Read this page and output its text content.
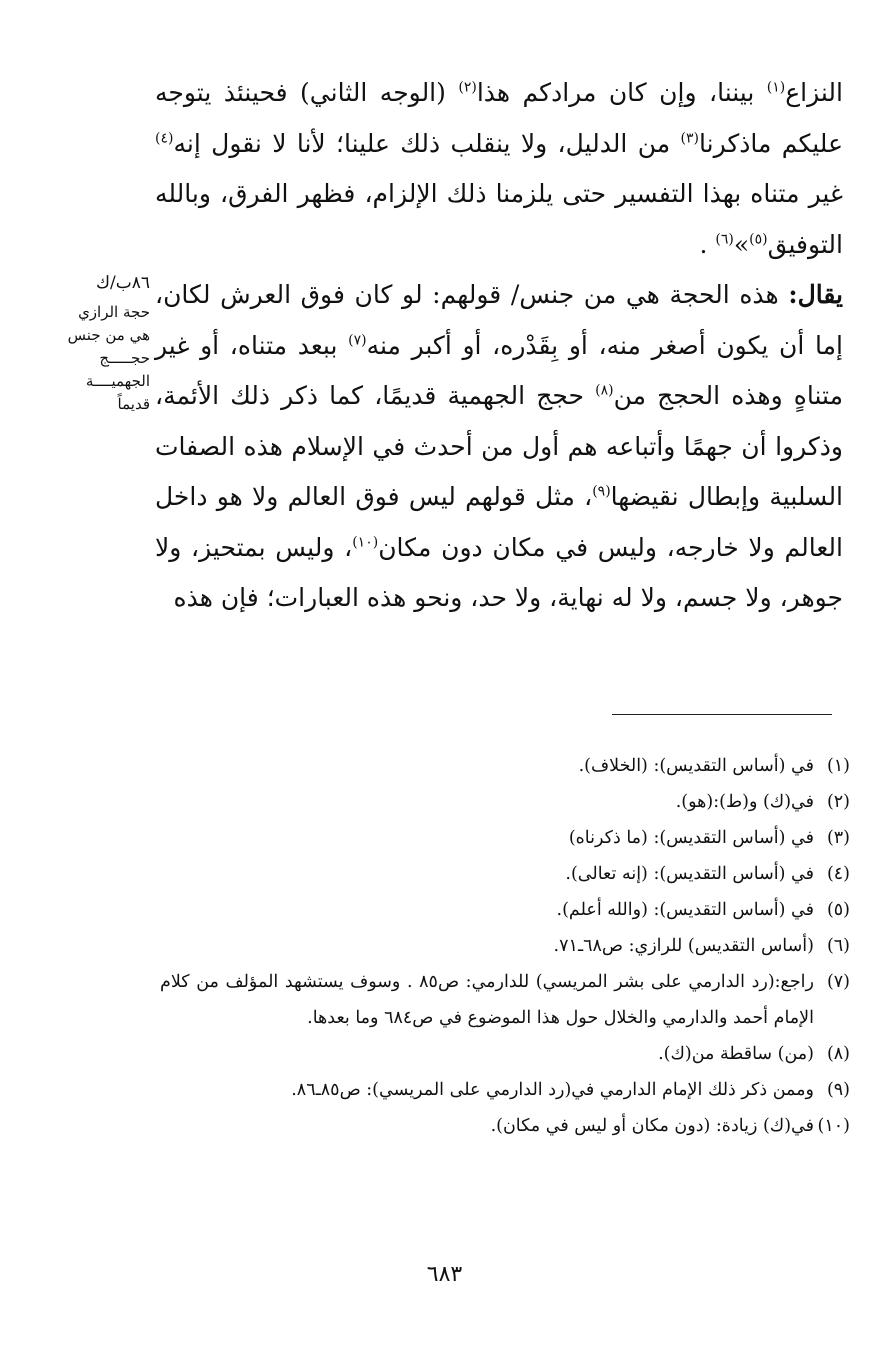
النزاع$^{(١)}$ بيننا، وإن كان مرادكم هذا$^{(٢)}$ (الوجه الثاني) فحينئذ يتوجه عليكم ماذكرنا$^{(٣)}$ من الدليل، ولا ينقلب ذلك علينا؛ لأنا لا نقول إنه$^{(٤)}$ غير متناه بهذا التفسير حتى يلزمنا ذلك الإلزام، فظهر الفرق، وبالله التوفيق$^{(٥)}$»$^{(٦)}$ .

يقال: هذه الحجة هي من جنس/ قولهم: لو كان فوق العرش لكان، إما أن يكون أصغر منه، أو بِقَدْره، أو أكبر منه$^{(٧)}$ ببعد متناه، أو غير متناهٍ وهذه الحجج من$^{(٨)}$ حجج الجهمية قديمًا، كما ذكر ذلك الأئمة، وذكروا أن جهمًا وأتباعه هم أول من أحدث في الإسلام هذه الصفات السلبية وإبطال نقيضها$^{(٩)}$، مثل قولهم ليس فوق العالم ولا هو داخل العالم ولا خارجه، وليس في مكان دون مكان$^{(١٠)}$، وليس بمتحيز، ولا جوهر، ولا جسم، ولا له نهاية، ولا حد، ونحو هذه العبارات؛ فإن هذه

٨٦ب/ك
حجة الرازي
هي من جنس
حجـــــج
الجهميــــة
قديماً
(١)
في (أساس التقديس): (الخلاف).
(٢)
في(ك) و(ط):(هو).
(٣)
في (أساس التقديس): (ما ذكرناه)
(٤)
في (أساس التقديس): (إنه تعالى).
(٥)
في (أساس التقديس): (والله أعلم).
(٦)
(أساس التقديس) للرازي: ص٦٨ـ٧١.
(٧)
راجع:(رد الدارمي على بشر المريسي) للدارمي: ص٨٥ . وسوف يستشهد المؤلف من كلام الإمام أحمد والدارمي والخلال حول هذا الموضوع في ص٦٨٤ وما بعدها.
(٨)
(من) ساقطة من(ك).
(٩)
وممن ذكر ذلك الإمام الدارمي في(رد الدارمي على المريسي): ص٨٥ـ٨٦.
(١٠)
في(ك) زيادة: (دون مكان أو ليس في مكان).
٦٨٣
